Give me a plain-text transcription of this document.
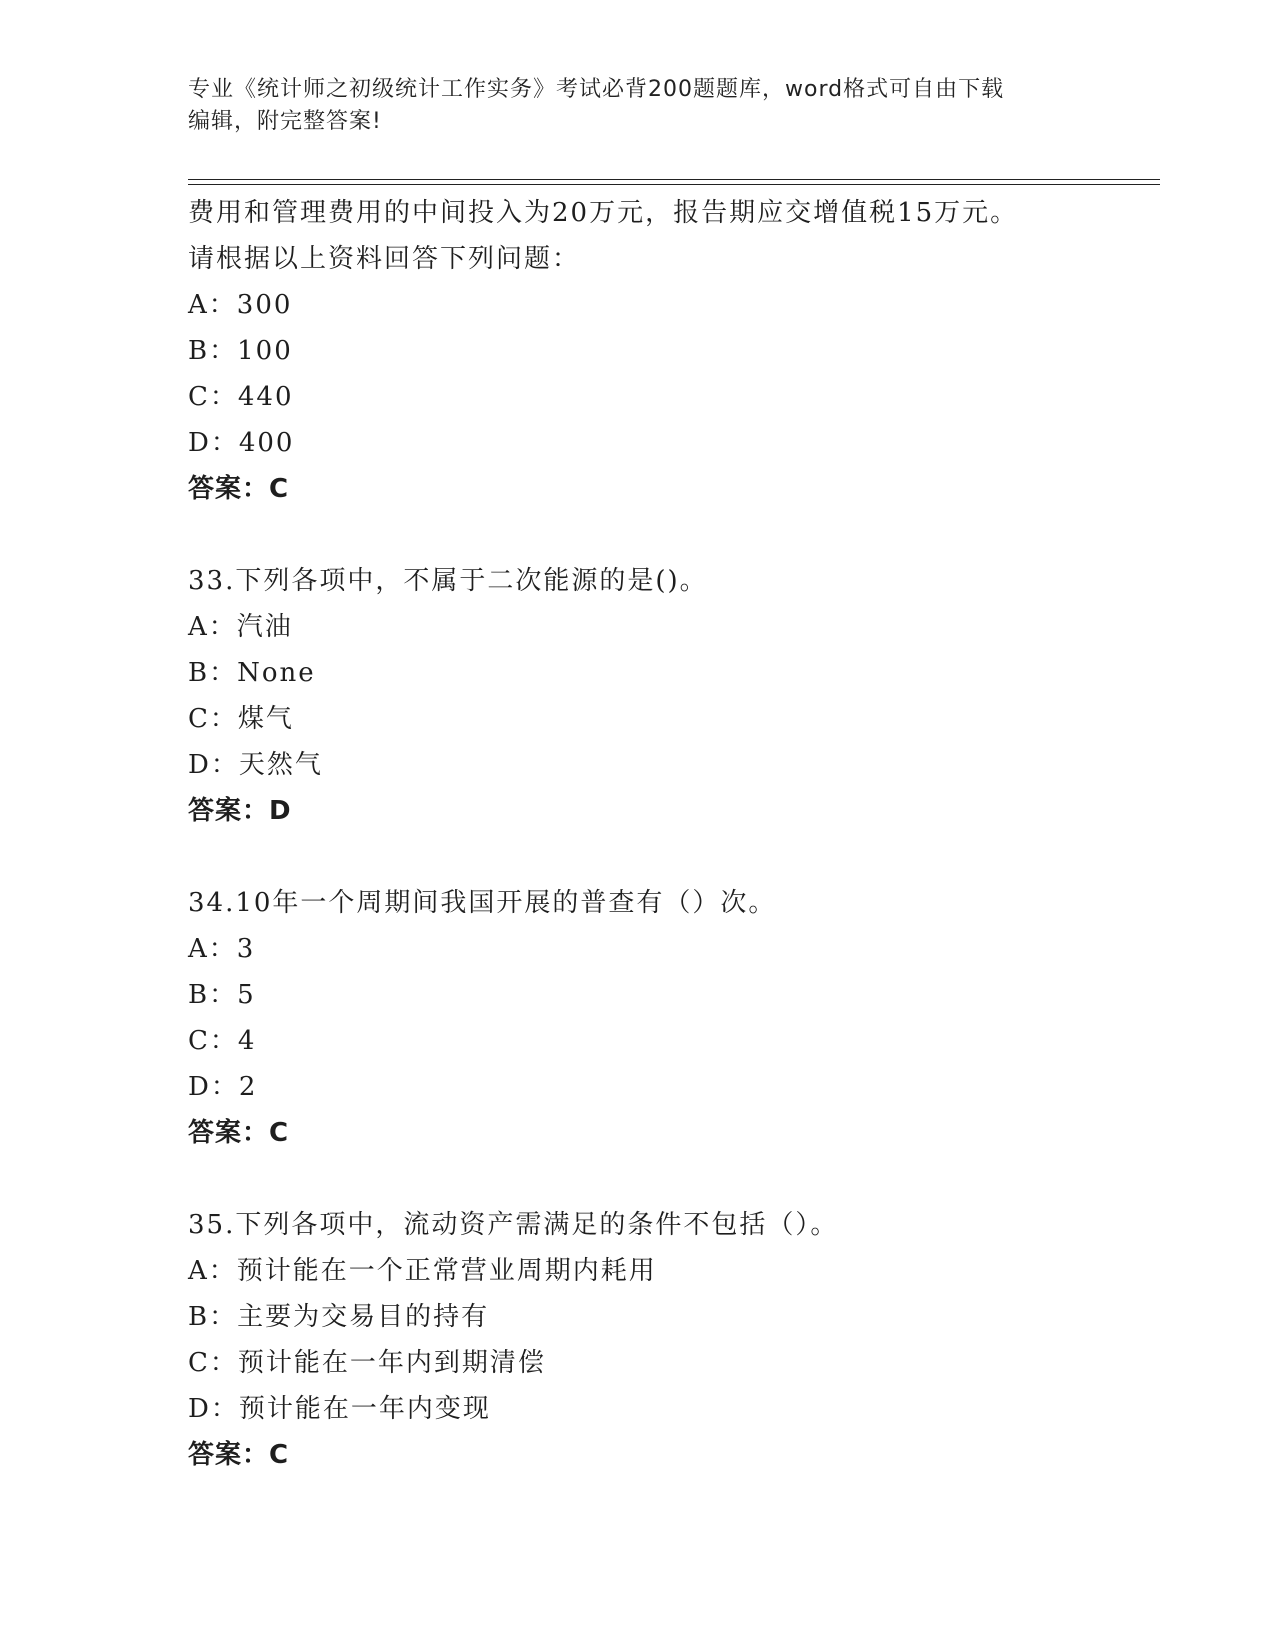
专业《统计师之初级统计工作实务》考试必背200题题库，word格式可自由下载
编辑，附完整答案!
费用和管理费用的中间投入为20万元，报告期应交增值税15万元。
请根据以上资料回答下列问题：
A：300
B：100
C：440
D：400
答案：C
33.下列各项中，不属于二次能源的是()。
A：汽油
B：None
C：煤气
D：天然气
答案：D
34.10年一个周期间我国开展的普查有（）次。
A：3
B：5
C：4
D：2
答案：C
35.下列各项中，流动资产需满足的条件不包括（）。
A：预计能在一个正常营业周期内耗用
B：主要为交易目的持有
C：预计能在一年内到期清偿
D：预计能在一年内变现
答案：C
